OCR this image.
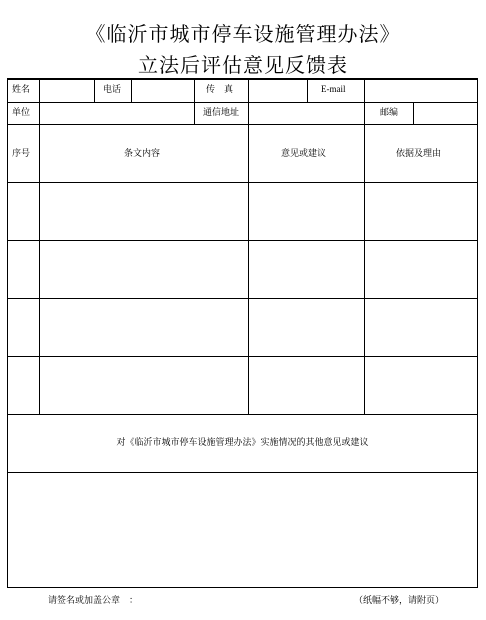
《临沂市城市停车设施管理办法》
立法后评估意见反馈表
姓名	电话	传　真	E-mail
单位	通信地址	邮编
序号	条文内容	意见或建议	依据及理由
对《临沂市城市停车设施管理办法》实施情况的其他意见或建议
请签名或加盖公章　：	（纸幅不够，请附页）
